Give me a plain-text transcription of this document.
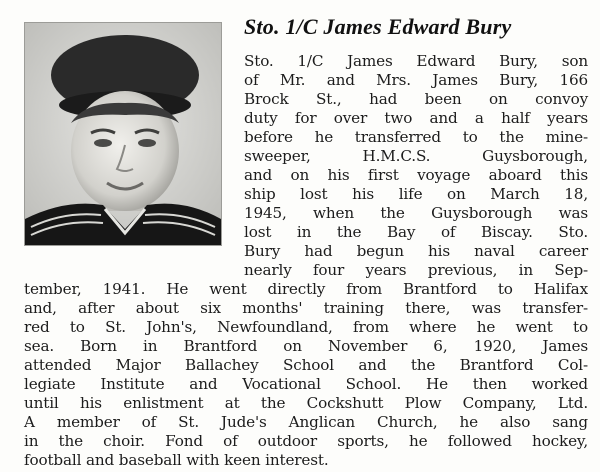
Sto. 1/C James Edward Bury
Sto. 1/C James Edward Bury, son
of Mr. and Mrs. James Bury, 166
Brock St., had been on convoy
duty for over two and a half years
before he transferred to the mine-
sweeper, H.M.C.S. Guysborough,
and on his first voyage aboard this
ship lost his life on March 18,
1945, when the Guysborough was
lost in the Bay of Biscay. Sto.
Bury had begun his naval career
nearly four years previous, in Sep-
tember, 1941. He went directly from Brantford to Halifax
and, after about six months' training there, was transfer-
red to St. John's, Newfoundland, from where he went to
sea. Born in Brantford on November 6, 1920, James
attended Major Ballachey School and the Brantford Col-
legiate Institute and Vocational School. He then worked
until his enlistment at the Cockshutt Plow Company, Ltd.
A member of St. Jude's Anglican Church, he also sang
in the choir. Fond of outdoor sports, he followed hockey,
football and baseball with keen interest.
